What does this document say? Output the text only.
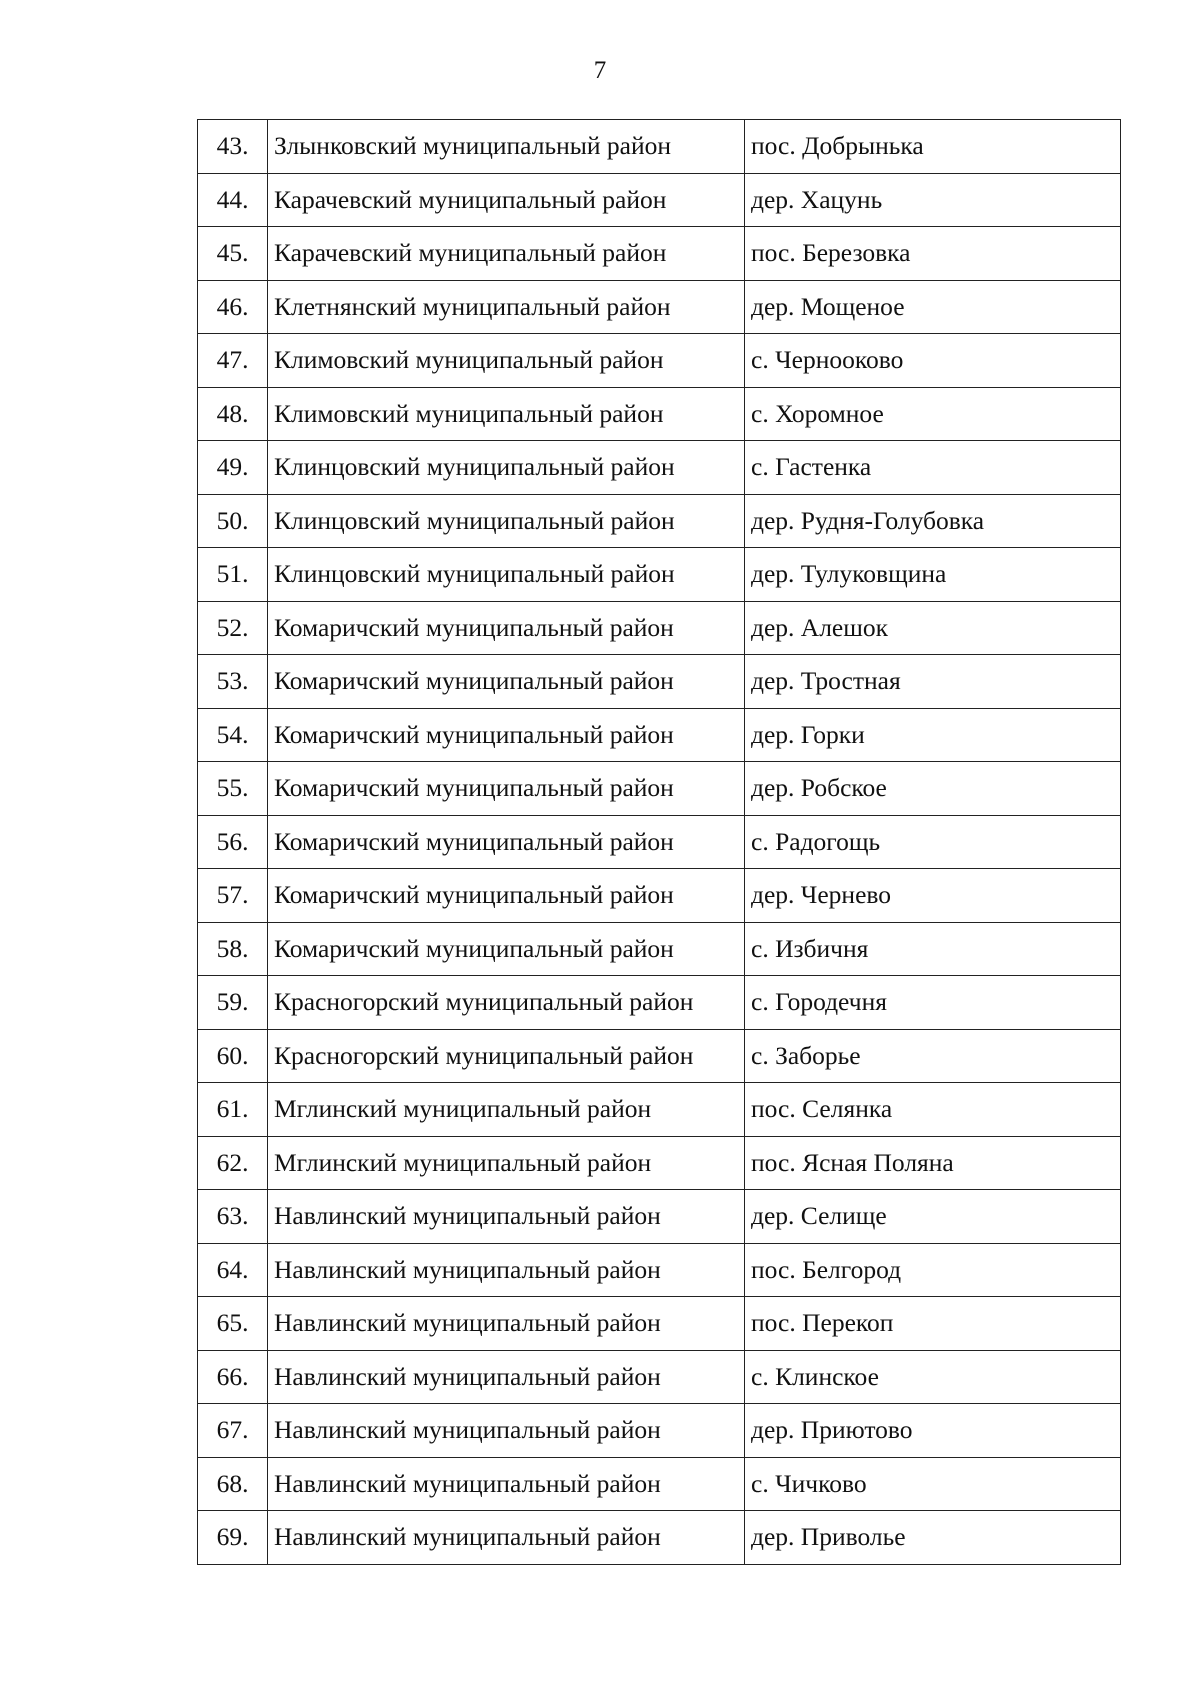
7
43.	Злынковский муниципальный район	пос. Добрынька
44.	Карачевский муниципальный район	дер. Хацунь
45.	Карачевский муниципальный район	пос. Березовка
46.	Клетнянский муниципальный район	дер. Мощеное
47.	Климовский муниципальный район	с. Чернооково
48.	Климовский муниципальный район	с. Хоромное
49.	Клинцовский муниципальный район	с. Гастенка
50.	Клинцовский муниципальный район	дер. Рудня-Голубовка
51.	Клинцовский муниципальный район	дер. Тулуковщина
52.	Комаричский муниципальный район	дер. Алешок
53.	Комаричский муниципальный район	дер. Тростная
54.	Комаричский муниципальный район	дер. Горки
55.	Комаричский муниципальный район	дер. Робское
56.	Комаричский муниципальный район	с. Радогощь
57.	Комаричский муниципальный район	дер. Чернево
58.	Комаричский муниципальный район	с. Избичня
59.	Красногорский муниципальный район	с. Городечня
60.	Красногорский муниципальный район	с. Заборье
61.	Мглинский муниципальный район	пос. Селянка
62.	Мглинский муниципальный район	пос. Ясная Поляна
63.	Навлинский муниципальный район	дер. Селище
64.	Навлинский муниципальный район	пос. Белгород
65.	Навлинский муниципальный район	пос. Перекоп
66.	Навлинский муниципальный район	с. Клинское
67.	Навлинский муниципальный район	дер. Приютово
68.	Навлинский муниципальный район	с. Чичково
69.	Навлинский муниципальный район	дер. Приволье
